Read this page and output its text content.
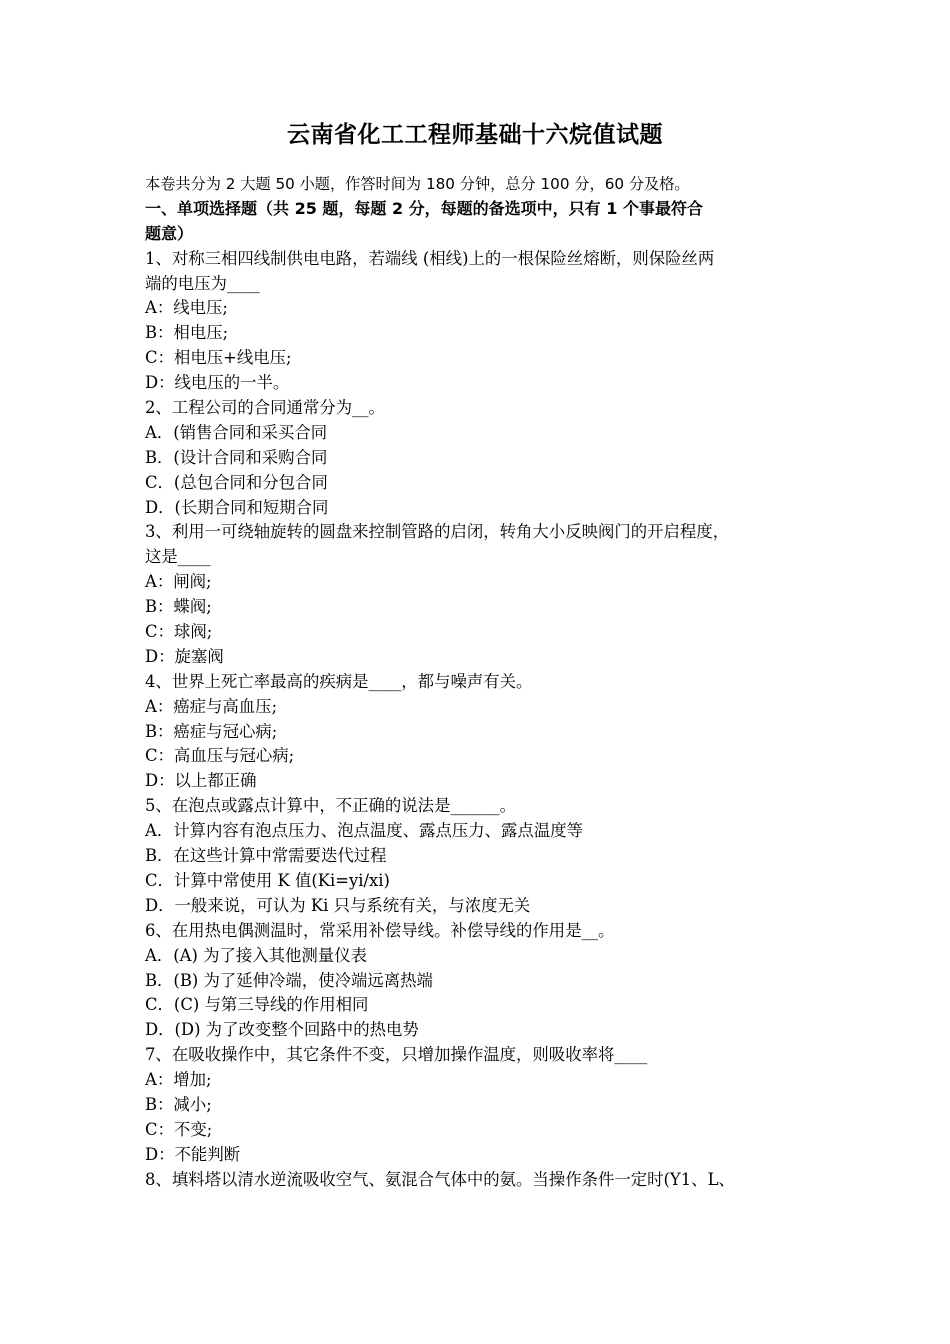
云南省化工工程师基础十六烷值试题
本卷共分为 2 大题 50 小题，作答时间为 180 分钟，总分 100 分，60 分及格。
一、单项选择题（共 25 题，每题 2 分，每题的备选项中，只有 1 个事最符合
题意）
1、对称三相四线制供电电路，若端线 (相线)上的一根保险丝熔断，则保险丝两
端的电压为____
A：线电压;
B：相电压;
C：相电压+线电压;
D：线电压的一半。
2、工程公司的合同通常分为__。
A．(销售合同和采买合同
B．(设计合同和采购合同
C．(总包合同和分包合同
D．(长期合同和短期合同
3、利用一可绕轴旋转的圆盘来控制管路的启闭，转角大小反映阀门的开启程度，
这是____
A：闸阀;
B：蝶阀;
C：球阀;
D：旋塞阀
4、世界上死亡率最高的疾病是____，都与噪声有关。
A：癌症与高血压;
B：癌症与冠心病;
C：高血压与冠心病;
D：以上都正确
5、在泡点或露点计算中，不正确的说法是______。
A．计算内容有泡点压力、泡点温度、露点压力、露点温度等
B．在这些计算中常需要迭代过程
C．计算中常使用 K 值(Ki=yi/xi)
D．一般来说，可认为 Ki 只与系统有关，与浓度无关
6、在用热电偶测温时，常采用补偿导线。补偿导线的作用是__。
A．(A) 为了接入其他测量仪表
B．(B) 为了延伸冷端，使冷端远离热端
C．(C) 与第三导线的作用相同
D．(D) 为了改变整个回路中的热电势
7、在吸收操作中，其它条件不变，只增加操作温度，则吸收率将____
A：增加;
B：减小;
C：不变;
D：不能判断
8、填料塔以清水逆流吸收空气、氨混合气体中的氨。当操作条件一定时(Y1、L、
